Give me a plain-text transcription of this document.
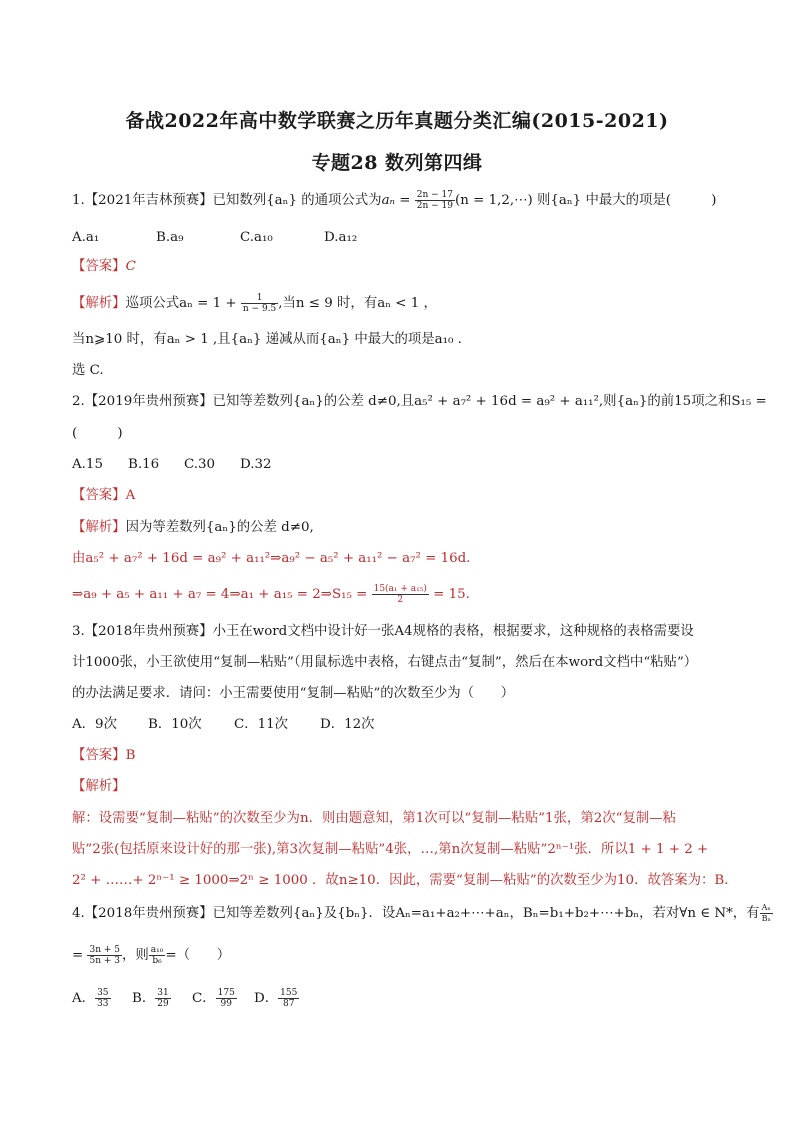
备战2022年高中数学联赛之历年真题分类汇编(2015-2021)
专题28 数列第四缉
1.【2021年吉林预赛】已知数列{aₙ} 的通项公式为$a_n = \frac{2n - 17}{2n - 19} (n$ = 1,2,⋯) 则{aₙ} 中最大的项是(　　　)
A.a₁	B.a₉	C.a₁₀	D.a₁₂
【答案】C
【解析】巡项公式$a_n = 1 + \frac{1}{n - 9.5}$ ,当n ≤ 9 时，有aₙ < 1 ，
当n⩾10 时，有aₙ > 1 ,且{aₙ} 递减从而{aₙ} 中最大的项是a₁₀ .
选 C.
2.【2019年贵州预赛】已知等差数列{aₙ}的公差 d≠0,且a₅² + a₇² + 16d = a₉² + a₁₁²,则{aₙ}的前15项之和S₁₅ =
(　　　)
A.15 B.16 C.30 D.32
【答案】A
【解析】因为等差数列{aₙ}的公差 d≠0,
由a₅² + a₇² + 16d = a₉² + a₁₁²⇒a₉² − a₅² + a₁₁² − a₇² = 16d.
⇒a₉ + a₅ + a₁₁ + a₇ = 4⇒a₁ + a₁₅ = 2⇒S₁₅ = $\frac{\text{15(a₁ + a₁₅)}}{2} = 15$.
3.【2018年贵州预赛】小王在word文档中设计好一张A4规格的表格，根据要求，这种规格的表格需要设
计1000张，小王欲使用“复制—粘贴”（用鼠标选中表格，右键点击“复制”，然后在本word文档中“粘贴”）
的办法满足要求．请问：小王需要使用“复制—粘贴”的次数至少为（　　）
A．9次 B．10次 C．11次 D．12次
【答案】B
【解析】
解：设需要“复制—粘贴”的次数至少为n．则由题意知，第1次可以“复制—粘贴”1张，第2次“复制—粘
贴”2张(包括原来设计好的那一张),第3次复制—粘贴”4张，…,第n次复制—粘贴”2ⁿ⁻¹张．所以1 + 1 + 2 +
2² + ……+ 2ⁿ⁻¹ ≥ 1000⇒2ⁿ ≥ 1000 ．故n≥10．因此，需要“复制—粘贴”的次数至少为10．故答案为：B．
4.【2018年贵州预赛】已知等差数列{aₙ}及{bₙ}．设Aₙ=a₁+a₂+⋯+aₙ，Bₙ=b₁+b₂+⋯+bₙ，若对∀n ∈ N*，有 $\frac{\text{Aₙ}}{\text{Bₙ}}$
= $\frac{3n + 5}{5n + 3}$ ，则 $\frac{\text{a₁₀}}{\text{b₆}}$ =（　　）
A． $\frac{35}{33}$ B． $\frac{31}{29}$ C． $\frac{175}{99}$ D． $\frac{155}{87}$
